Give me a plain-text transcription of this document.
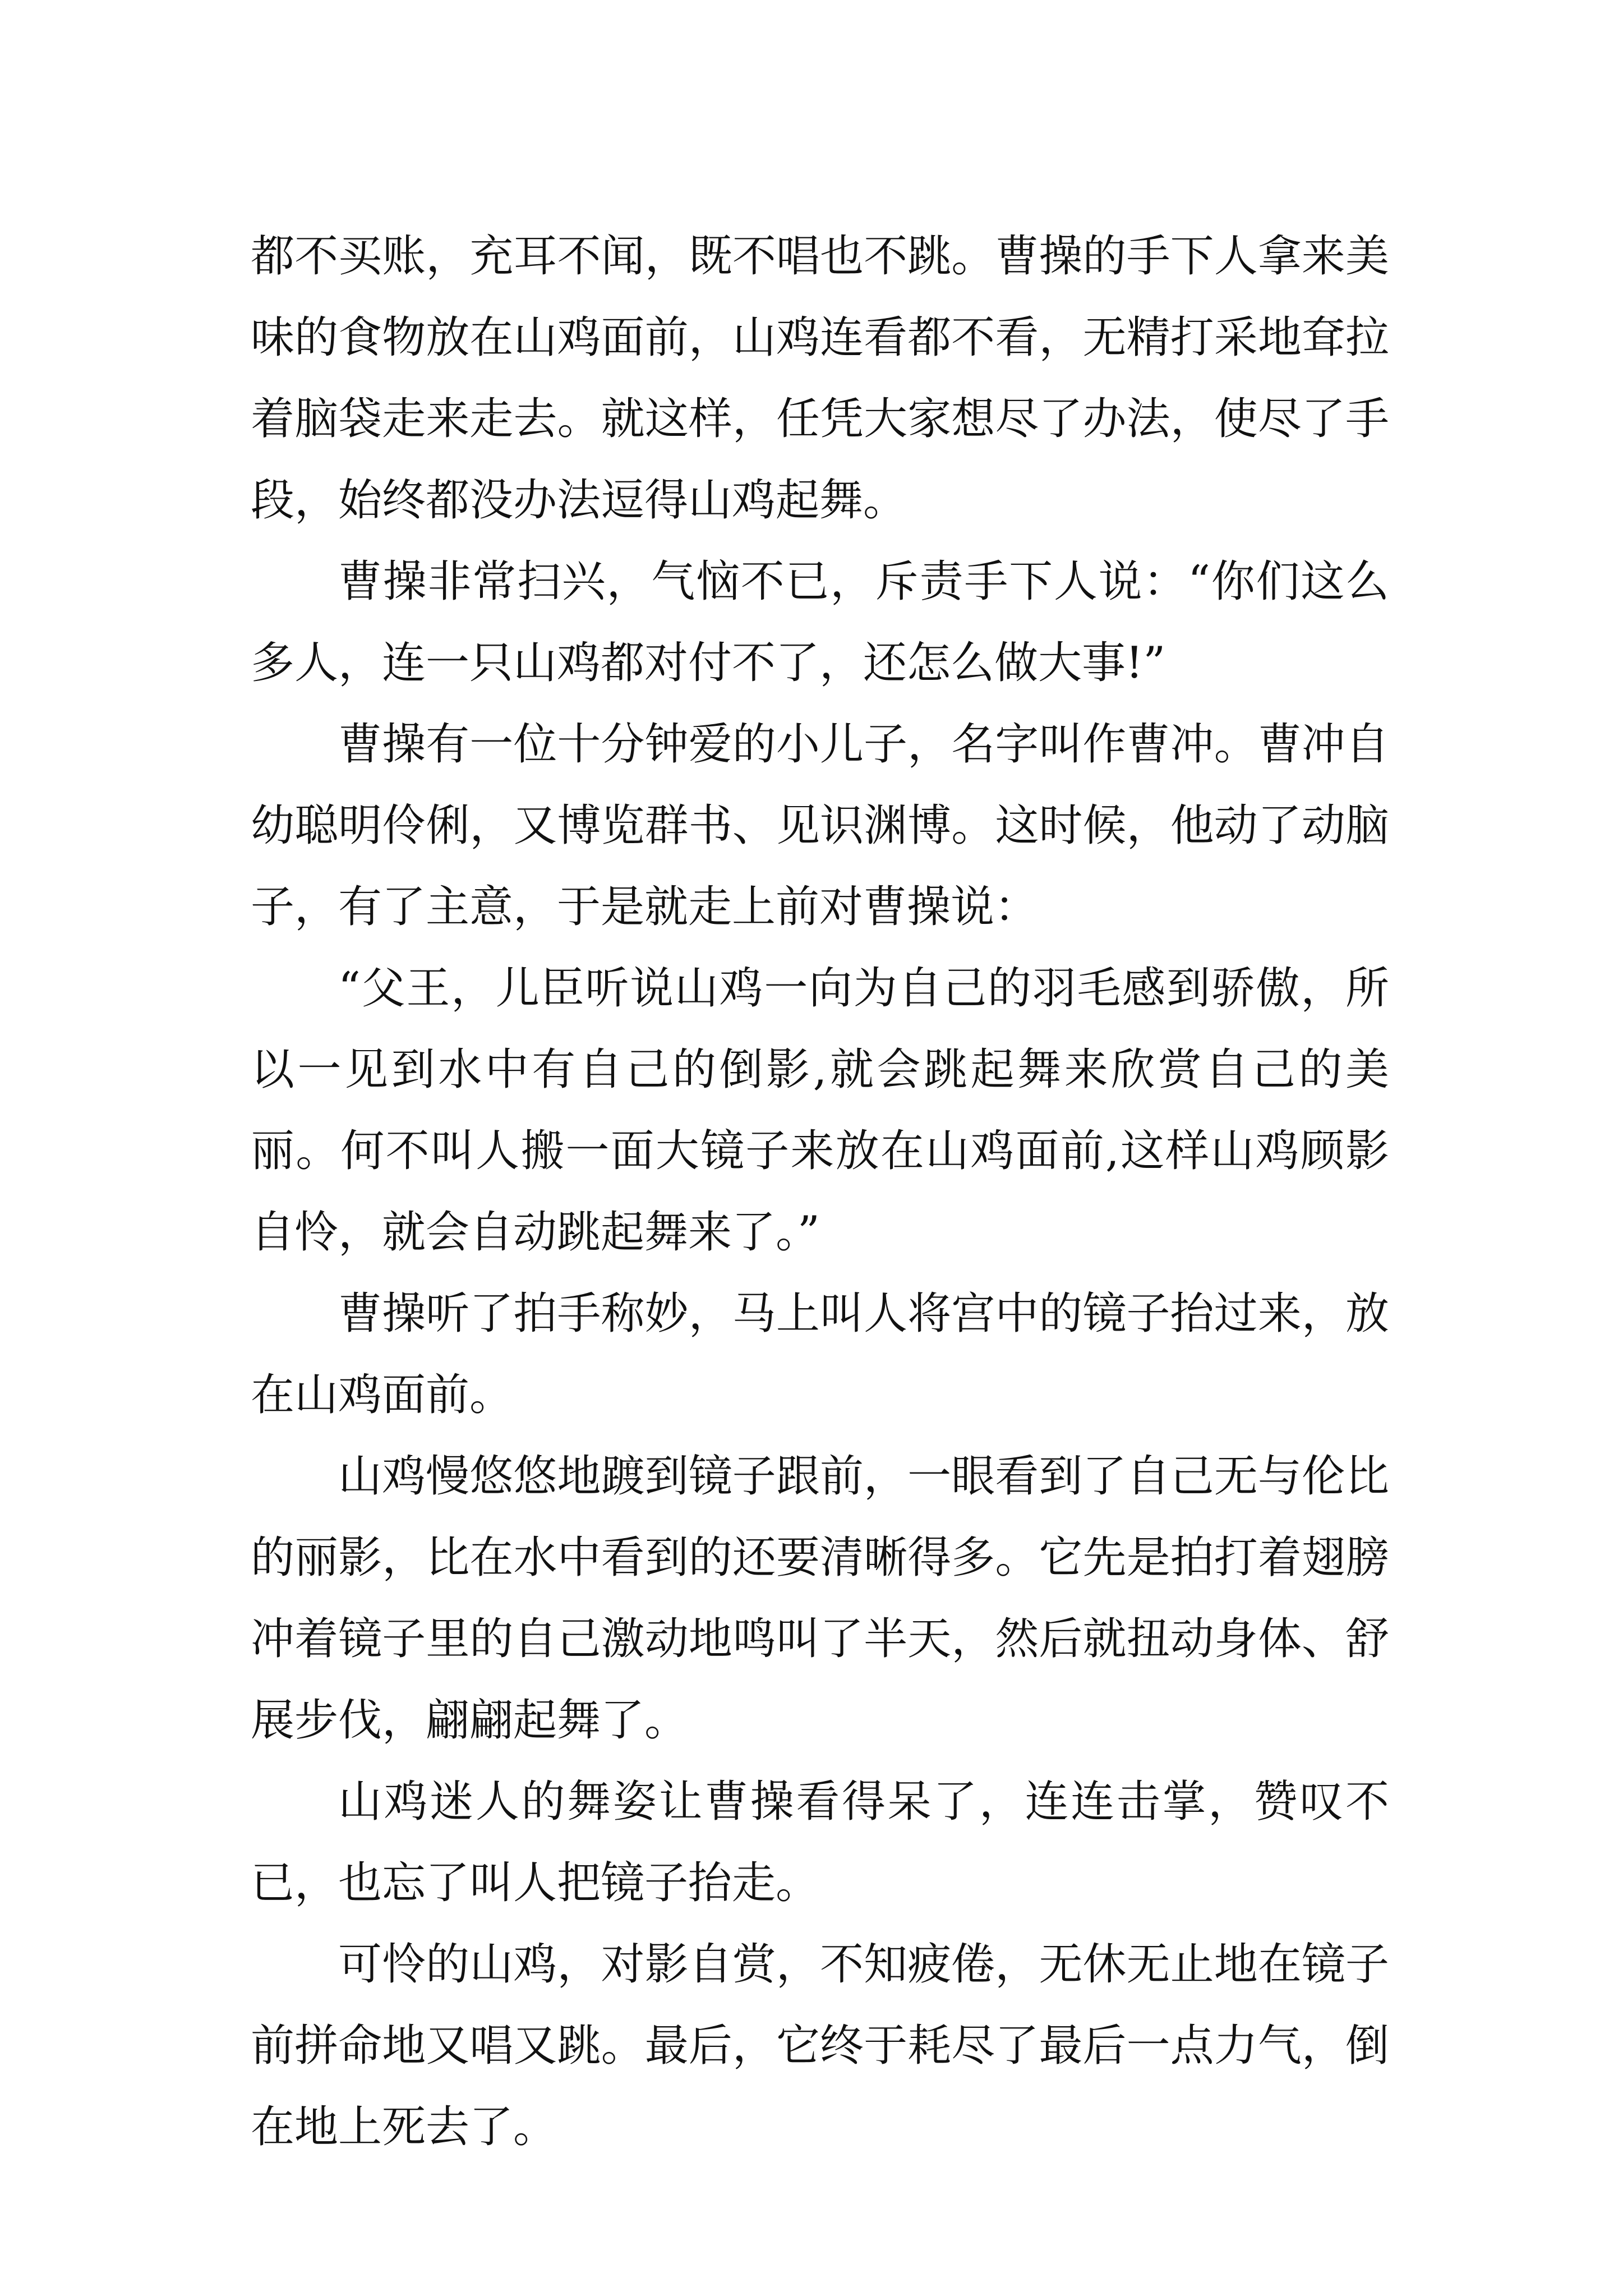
都不买账，充耳不闻，既不唱也不跳。曹操的手下人拿来美味的食物放在山鸡面前，山鸡连看都不看，无精打采地耷拉着脑袋走来走去。就这样，任凭大家想尽了办法，使尽了手段，始终都没办法逗得山鸡起舞。

曹操非常扫兴，气恼不已，斥责手下人说：“你们这么多人，连一只山鸡都对付不了，还怎么做大事!”

曹操有一位十分钟爱的小儿子，名字叫作曹冲。曹冲自幼聪明伶俐，又博览群书、见识渊博。这时候，他动了动脑子，有了主意，于是就走上前对曹操说：

“父王，儿臣听说山鸡一向为自己的羽毛感到骄傲，所以一见到水中有自己的倒影,就会跳起舞来欣赏自己的美丽。何不叫人搬一面大镜子来放在山鸡面前,这样山鸡顾影自怜，就会自动跳起舞来了。”

曹操听了拍手称妙，马上叫人将宫中的镜子抬过来，放在山鸡面前。

山鸡慢悠悠地踱到镜子跟前，一眼看到了自己无与伦比的丽影，比在水中看到的还要清晰得多。它先是拍打着翅膀冲着镜子里的自己激动地鸣叫了半天，然后就扭动身体、舒展步伐，翩翩起舞了。

山鸡迷人的舞姿让曹操看得呆了，连连击掌，赞叹不已，也忘了叫人把镜子抬走。

可怜的山鸡，对影自赏，不知疲倦，无休无止地在镜子前拼命地又唱又跳。最后，它终于耗尽了最后一点力气，倒在地上死去了。
